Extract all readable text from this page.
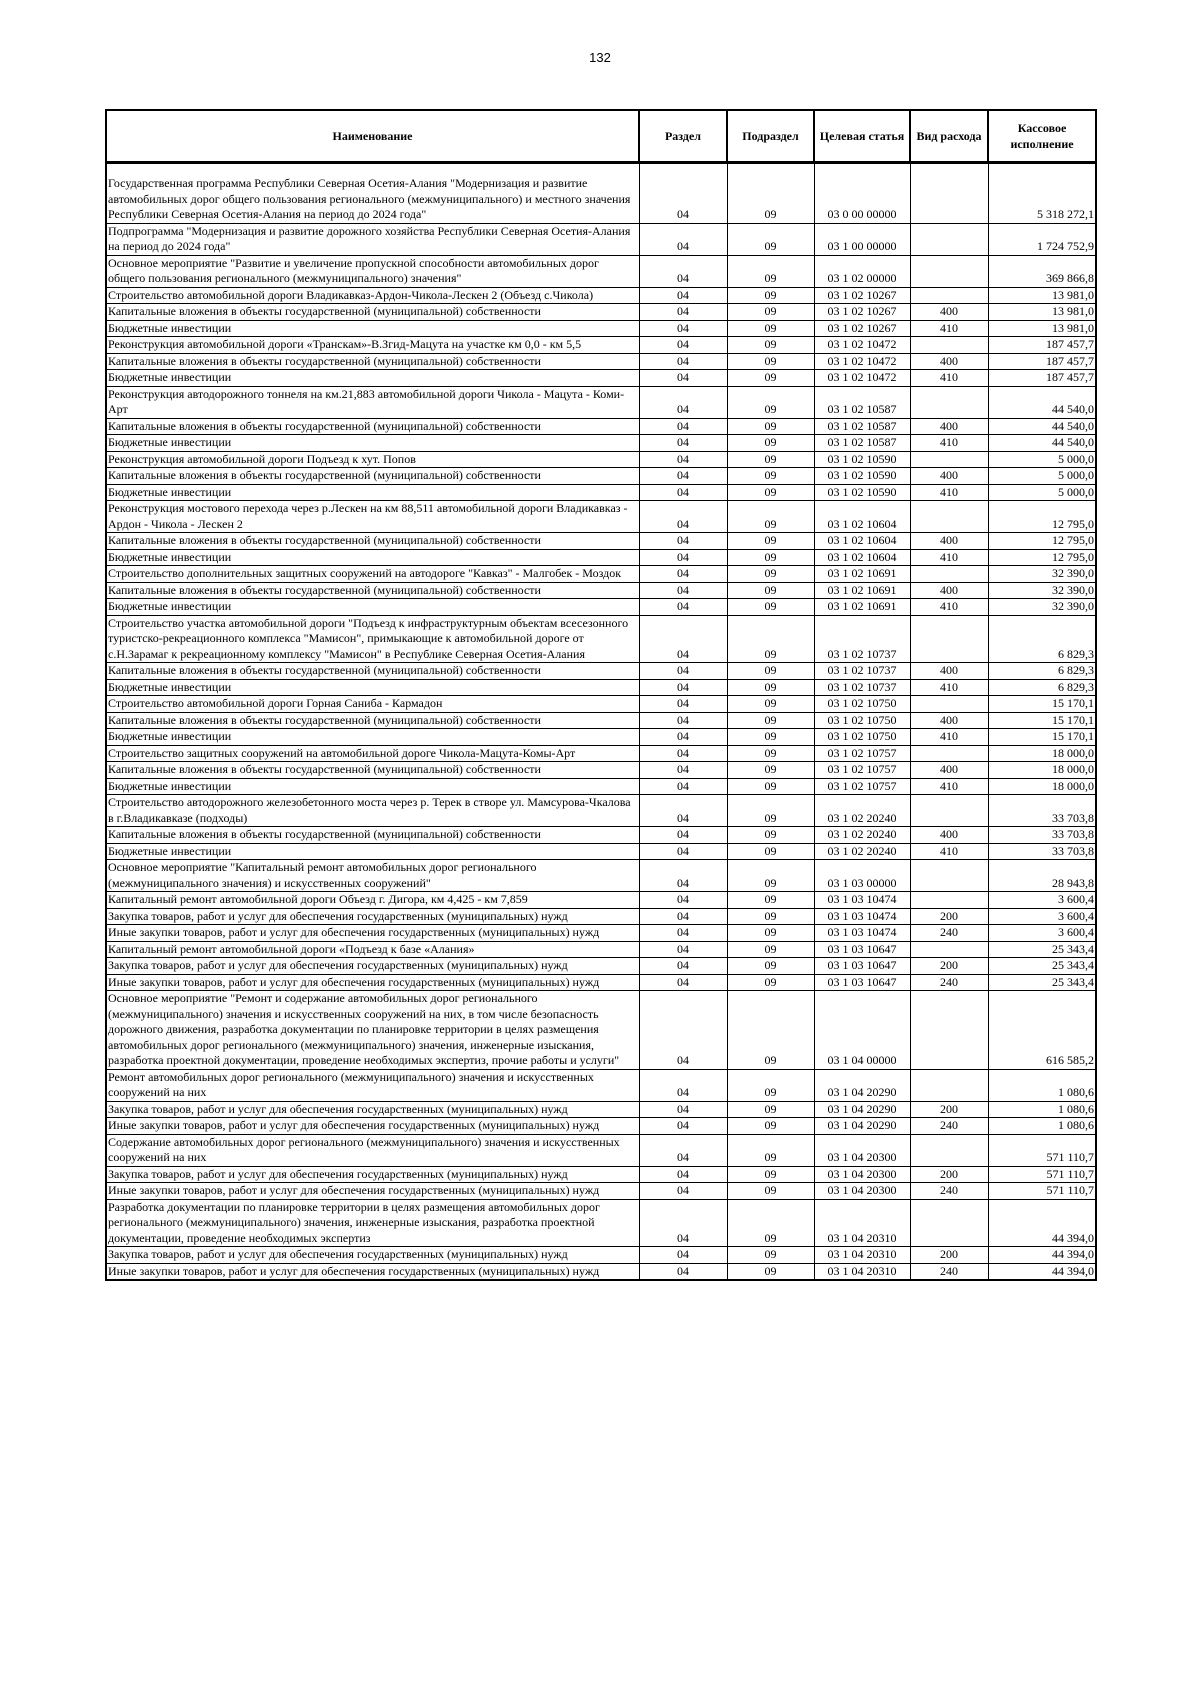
132
Наименование	Раздел	Подраздел	Целевая статья	Вид расхода	Кассовое исполнение
Государственная программа Республики Северная Осетия-Алания "Модернизация и развитие автомобильных дорог общего пользования регионального (межмуниципального) и местного значения Республики Северная Осетия-Алания на период до 2024 года"	04	09	03 0 00 00000		5 318 272,1
Подпрограмма "Модернизация и развитие дорожного хозяйства Республики Северная Осетия-Алания на период до 2024 года"	04	09	03 1 00 00000		1 724 752,9
Основное мероприятие "Развитие и увеличение пропускной способности автомобильных дорог общего пользования регионального (межмуниципального) значения"	04	09	03 1 02 00000		369 866,8
Строительство автомобильной дороги Владикавказ-Ардон-Чикола-Лескен 2 (Объезд с.Чикола)	04	09	03 1 02 10267		13 981,0
Капитальные вложения в объекты государственной (муниципальной) собственности	04	09	03 1 02 10267	400	13 981,0
Бюджетные инвестиции	04	09	03 1 02 10267	410	13 981,0
Реконструкция автомобильной дороги «Транскам»-В.Згид-Мацута на участке км 0,0 - км 5,5	04	09	03 1 02 10472		187 457,7
Капитальные вложения в объекты государственной (муниципальной) собственности	04	09	03 1 02 10472	400	187 457,7
Бюджетные инвестиции	04	09	03 1 02 10472	410	187 457,7
Реконструкция автодорожного тоннеля на км.21,883 автомобильной дороги Чикола - Мацута - Коми-Арт	04	09	03 1 02 10587		44 540,0
Капитальные вложения в объекты государственной (муниципальной) собственности	04	09	03 1 02 10587	400	44 540,0
Бюджетные инвестиции	04	09	03 1 02 10587	410	44 540,0
Реконструкция автомобильной дороги Подъезд к хут. Попов	04	09	03 1 02 10590		5 000,0
Капитальные вложения в объекты государственной (муниципальной) собственности	04	09	03 1 02 10590	400	5 000,0
Бюджетные инвестиции	04	09	03 1 02 10590	410	5 000,0
Реконструкция мостового перехода через р.Лескен на км 88,511 автомобильной дороги Владикавказ - Ардон - Чикола - Лескен 2	04	09	03 1 02 10604		12 795,0
Капитальные вложения в объекты государственной (муниципальной) собственности	04	09	03 1 02 10604	400	12 795,0
Бюджетные инвестиции	04	09	03 1 02 10604	410	12 795,0
Строительство дополнительных защитных сооружений на автодороге "Кавказ" - Малгобек - Моздок	04	09	03 1 02 10691		32 390,0
Капитальные вложения в объекты государственной (муниципальной) собственности	04	09	03 1 02 10691	400	32 390,0
Бюджетные инвестиции	04	09	03 1 02 10691	410	32 390,0
Строительство участка автомобильной дороги "Подъезд к инфраструктурным объектам всесезонного туристско-рекреационного комплекса "Мамисон", примыкающие к автомобильной дороге от с.Н.Зарамаг к рекреационному комплексу "Мамисон" в Республике Северная Осетия-Алания	04	09	03 1 02 10737		6 829,3
Капитальные вложения в объекты государственной (муниципальной) собственности	04	09	03 1 02 10737	400	6 829,3
Бюджетные инвестиции	04	09	03 1 02 10737	410	6 829,3
Строительство автомобильной дороги Горная Саниба - Кармадон	04	09	03 1 02 10750		15 170,1
Капитальные вложения в объекты государственной (муниципальной) собственности	04	09	03 1 02 10750	400	15 170,1
Бюджетные инвестиции	04	09	03 1 02 10750	410	15 170,1
Строительство защитных сооружений на автомобильной дороге Чикола-Мацута-Комы-Арт	04	09	03 1 02 10757		18 000,0
Капитальные вложения в объекты государственной (муниципальной) собственности	04	09	03 1 02 10757	400	18 000,0
Бюджетные инвестиции	04	09	03 1 02 10757	410	18 000,0
Строительство автодорожного железобетонного моста через р. Терек в створе ул. Мамсурова-Чкалова в г.Владикавказе (подходы)	04	09	03 1 02 20240		33 703,8
Капитальные вложения в объекты государственной (муниципальной) собственности	04	09	03 1 02 20240	400	33 703,8
Бюджетные инвестиции	04	09	03 1 02 20240	410	33 703,8
Основное мероприятие "Капитальный ремонт автомобильных дорог регионального (межмуниципального значения) и искусственных сооружений"	04	09	03 1 03 00000		28 943,8
Капитальный ремонт автомобильной дороги Объезд г. Дигора, км 4,425 - км 7,859	04	09	03 1 03 10474		3 600,4
Закупка товаров, работ и услуг для обеспечения государственных (муниципальных) нужд	04	09	03 1 03 10474	200	3 600,4
Иные закупки товаров, работ и услуг для обеспечения государственных (муниципальных) нужд	04	09	03 1 03 10474	240	3 600,4
Капитальный ремонт автомобильной дороги «Подъезд к базе «Алания»	04	09	03 1 03 10647		25 343,4
Закупка товаров, работ и услуг для обеспечения государственных (муниципальных) нужд	04	09	03 1 03 10647	200	25 343,4
Иные закупки товаров, работ и услуг для обеспечения государственных (муниципальных) нужд	04	09	03 1 03 10647	240	25 343,4
Основное мероприятие "Ремонт и содержание автомобильных дорог регионального (межмуниципального) значения и искусственных сооружений на них, в том числе безопасность дорожного движения, разработка документации по планировке территории в целях размещения автомобильных дорог регионального (межмуниципального) значения, инженерные изыскания, разработка проектной документации, проведение необходимых экспертиз, прочие работы и услуги"	04	09	03 1 04 00000		616 585,2
Ремонт автомобильных дорог регионального (межмуниципального) значения и искусственных сооружений на них	04	09	03 1 04 20290		1 080,6
Закупка товаров, работ и услуг для обеспечения государственных (муниципальных) нужд	04	09	03 1 04 20290	200	1 080,6
Иные закупки товаров, работ и услуг для обеспечения государственных (муниципальных) нужд	04	09	03 1 04 20290	240	1 080,6
Содержание автомобильных дорог регионального (межмуниципального) значения и искусственных сооружений на них	04	09	03 1 04 20300		571 110,7
Закупка товаров, работ и услуг для обеспечения государственных (муниципальных) нужд	04	09	03 1 04 20300	200	571 110,7
Иные закупки товаров, работ и услуг для обеспечения государственных (муниципальных) нужд	04	09	03 1 04 20300	240	571 110,7
Разработка документации по планировке территории в целях размещения автомобильных дорог регионального (межмуниципального) значения, инженерные изыскания, разработка проектной документации, проведение необходимых экспертиз	04	09	03 1 04 20310		44 394,0
Закупка товаров, работ и услуг для обеспечения государственных (муниципальных) нужд	04	09	03 1 04 20310	200	44 394,0
Иные закупки товаров, работ и услуг для обеспечения государственных (муниципальных) нужд	04	09	03 1 04 20310	240	44 394,0
